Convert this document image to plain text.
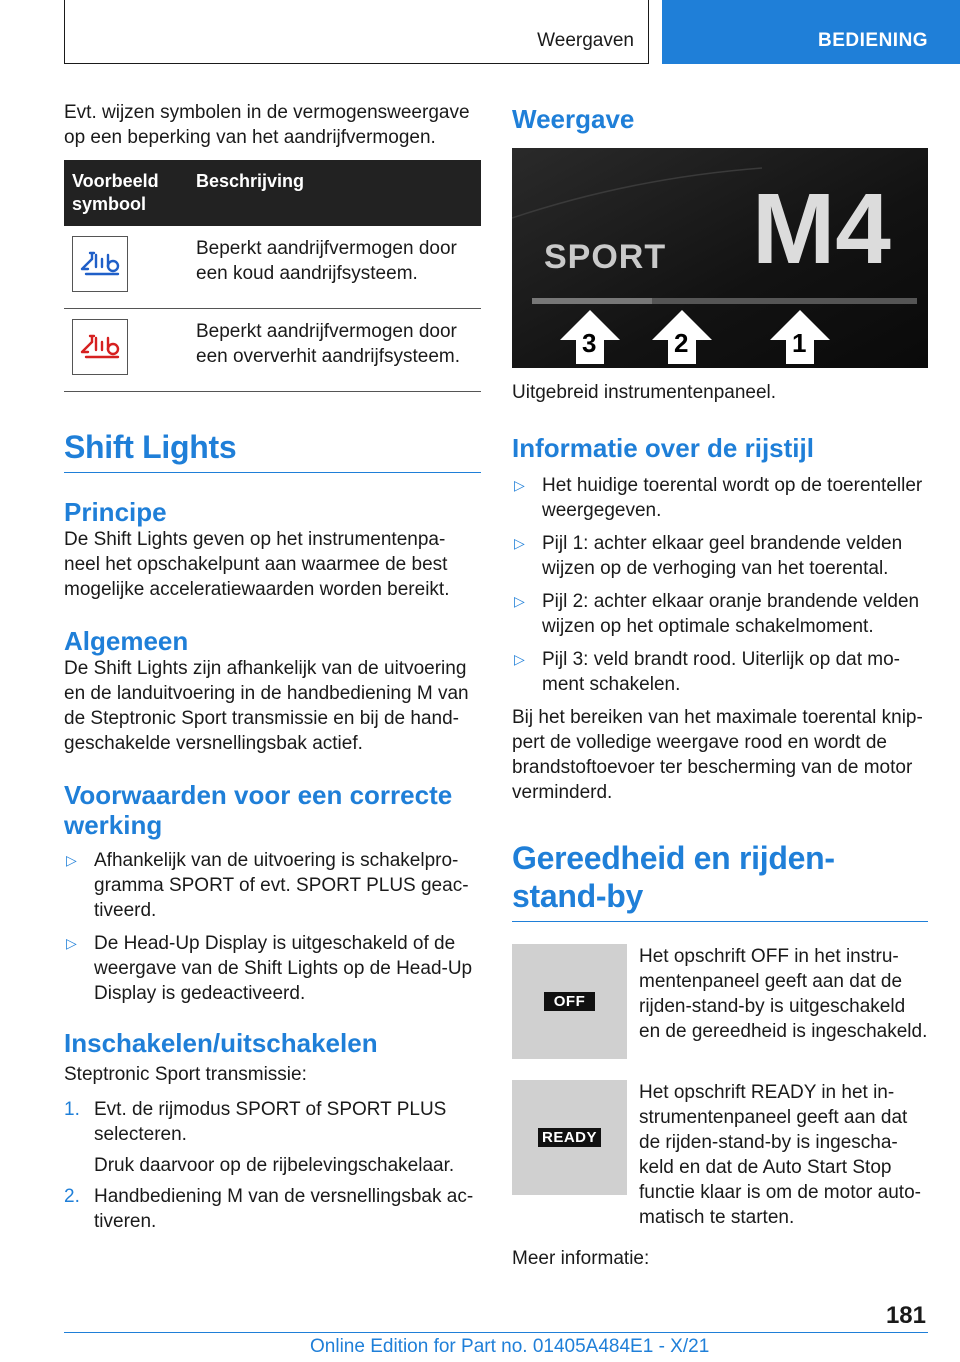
Weergaven	BEDIENING

Evt. wijzen symbolen in de vermogensweergave op een beperking van het aandrijfvermogen.

Voorbeeld symbool	Beschrijving

	Beperkt aandrijfvermogen door een koud aandrijfsysteem.

	Beperkt aandrijfvermogen door een oververhit aandrijfsysteem.
Shift Lights
Principe

De Shift Lights geven op het instrumentenpa-neel het opschakelpunt aan waarmee de best mogelijke acceleratiewaarden worden bereikt.

Algemeen

De Shift Lights zijn afhankelijk van de uitvoering en de landuitvoering in de handbediening M van de Steptronic Sport transmissie en bij de hand-geschakelde versnellingsbak actief.

Voorwaarden voor een correcte werking
▷ Afhankelijk van de uitvoering is schakelpro-gramma SPORT of evt. SPORT PLUS geac-tiveerd.
▷ De Head-Up Display is uitgeschakeld of de weergave van de Shift Lights op de Head-Up Display is gedeactiveerd.
Inschakelen/uitschakelen

Steptronic Sport transmissie:

1. Evt. de rijmodus SPORT of SPORT PLUS selecteren.
Druk daarvoor op de rijbelevingschakelaar.
2. Handbediening M van de versnellingsbak ac-tiveren.
Weergave
SPORT M4
3	2	1

Uitgebreid instrumentenpaneel.

Informatie over de rijstijl
▷ Het huidige toerental wordt op de toerenteller weergegeven.
▷ Pijl 1: achter elkaar geel brandende velden wijzen op de verhoging van het toerental.
▷ Pijl 2: achter elkaar oranje brandende velden wijzen op het optimale schakelmoment.
▷ Pijl 3: veld brandt rood. Uiterlijk op dat mo-ment schakelen.

Bij het bereiken van het maximale toerental knip-pert de volledige weergave rood en wordt de brandstoftoevoer ter bescherming van de motor verminderd.

Gereedheid en rijden-
stand-by
OFF

Het opschrift OFF in het instru-mentenpaneel geeft aan dat de rijden-stand-by is uitgeschakeld en de gereedheid is ingeschakeld.

READY

Het opschrift READY in het in-strumentenpaneel geeft aan dat de rijden-stand-by is ingescha-keld en dat de Auto Start Stop functie klaar is om de motor auto-matisch te starten.

Meer informatie:

181
Online Edition for Part no. 01405A484E1 - X/21
